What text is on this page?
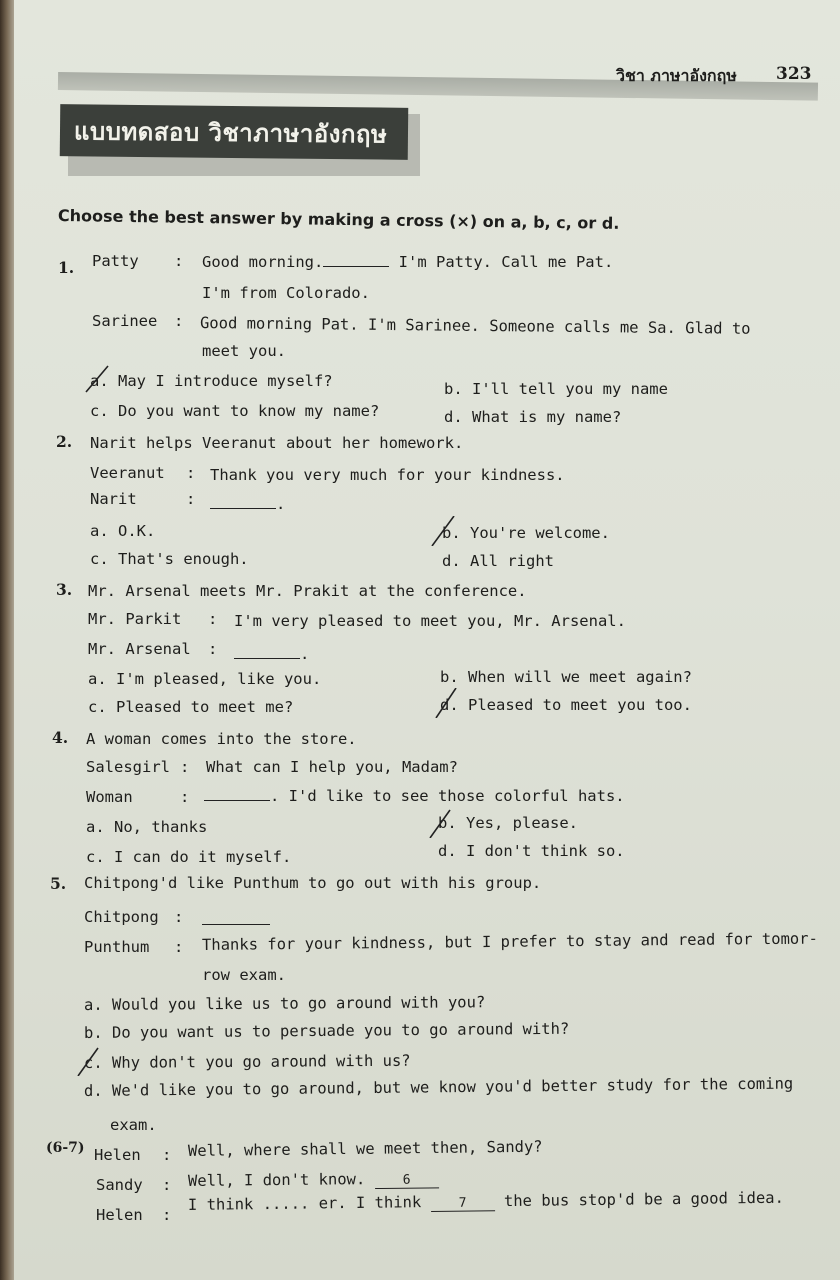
วิชา ภาษาอังกฤษ 323
แบบทดสอบ วิชาภาษาอังกฤษ
Choose the best answer by making a cross (×) on a, b, c, or d.
1. Patty : Good morning.	I'm Patty. Call me Pat.
I'm from Colorado.
Sarinee : Good morning Pat. I'm Sarinee. Someone calls me Sa. Glad to
meet you.
a. May I introduce myself?	b. I'll tell you my name
c. Do you want to know my name?	d. What is my name?
2. Narit helps Veeranut about her homework.
Veeranut : Thank you very much for your kindness.
Narit	:	.
a. O.K.	b. You're welcome.
c. That's enough.	d. All right
3. Mr. Arsenal meets Mr. Prakit at the conference.
Mr. Parkit : I'm very pleased to meet you, Mr. Arsenal.
Mr. Arsenal :	.
a. I'm pleased, like you.	b. When will we meet again?
c. Pleased to meet me?	d. Pleased to meet you too.
4. A woman comes into the store.
Salesgirl : What can I help you, Madam?
Woman	:	. I'd like to see those colorful hats.
a. No, thanks	b. Yes, please.
c. I can do it myself.	d. I don't think so.
5. Chitpong'd like Punthum to go out with his group.
Chitpong :
Punthum : Thanks for your kindness, but I prefer to stay and read for tomor-
row exam.
a. Would you like us to go around with you?
b. Do you want us to persuade you to go around with?
c. Why don't you go around with us?
d. We'd like you to go around, but we know you'd better study for the coming
exam.
(6-7) Helen : Well, where shall we meet then, Sandy?
Sandy : Well, I don't know.	6
Helen :
I think ..... er. I think	7 the bus stop'd be a good idea.
